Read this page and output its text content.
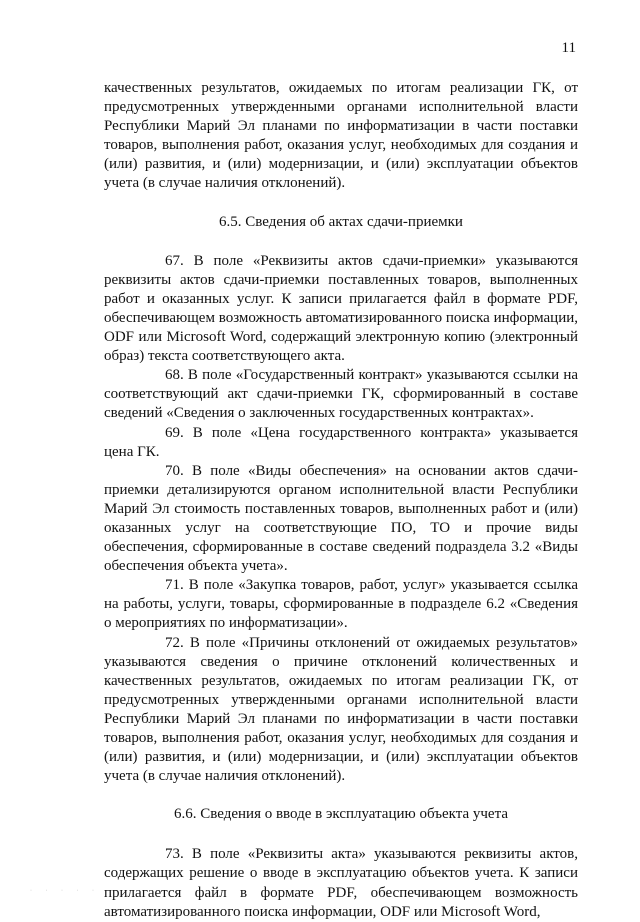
11

качественных результатов, ожидаемых по итогам реализации ГК, от предусмотренных утвержденными органами исполнительной власти Республики Марий Эл планами по информатизации в части поставки товаров, выполнения работ, оказания услуг, необходимых для создания и (или) развития, и (или) модернизации, и (или) эксплуатации объектов учета (в случае наличия отклонений).

6.5. Сведения об актах сдачи-приемки

67. В поле «Реквизиты актов сдачи-приемки» указываются реквизиты актов сдачи-приемки поставленных товаров, выполненных работ и оказанных услуг. К записи прилагается файл в формате PDF, обеспечивающем возможность автоматизированного поиска информации, ODF или Microsoft Word, содержащий электронную копию (электронный образ) текста соответствующего акта.

68. В поле «Государственный контракт» указываются ссылки на соответствующий акт сдачи-приемки ГК, сформированный в составе сведений «Сведения о заключенных государственных контрактах».

69. В поле «Цена государственного контракта» указывается цена ГК.

70. В поле «Виды обеспечения» на основании актов сдачи-приемки детализируются органом исполнительной власти Республики Марий Эл стоимость поставленных товаров, выполненных работ и (или) оказанных услуг на соответствующие ПО, ТО и прочие виды обеспечения, сформированные в составе сведений подраздела 3.2 «Виды обеспечения объекта учета».

71. В поле «Закупка товаров, работ, услуг» указывается ссылка на работы, услуги, товары, сформированные в подразделе 6.2 «Сведения о мероприятиях по информатизации».

72. В поле «Причины отклонений от ожидаемых результатов» указываются сведения о причине отклонений количественных и качественных результатов, ожидаемых по итогам реализации ГК, от предусмотренных утвержденными органами исполнительной власти Республики Марий Эл планами по информатизации в части поставки товаров, выполнения работ, оказания услуг, необходимых для создания и (или) развития, и (или) модернизации, и (или) эксплуатации объектов учета (в случае наличия отклонений).

6.6. Сведения о вводе в эксплуатацию объекта учета

73. В поле «Реквизиты акта» указываются реквизиты актов, содержащих решение о вводе в эксплуатацию объектов учета. К записи прилагается файл в формате PDF, обеспечивающем возможность автоматизированного поиска информации, ODF или Microsoft Word,

· · · · ·
